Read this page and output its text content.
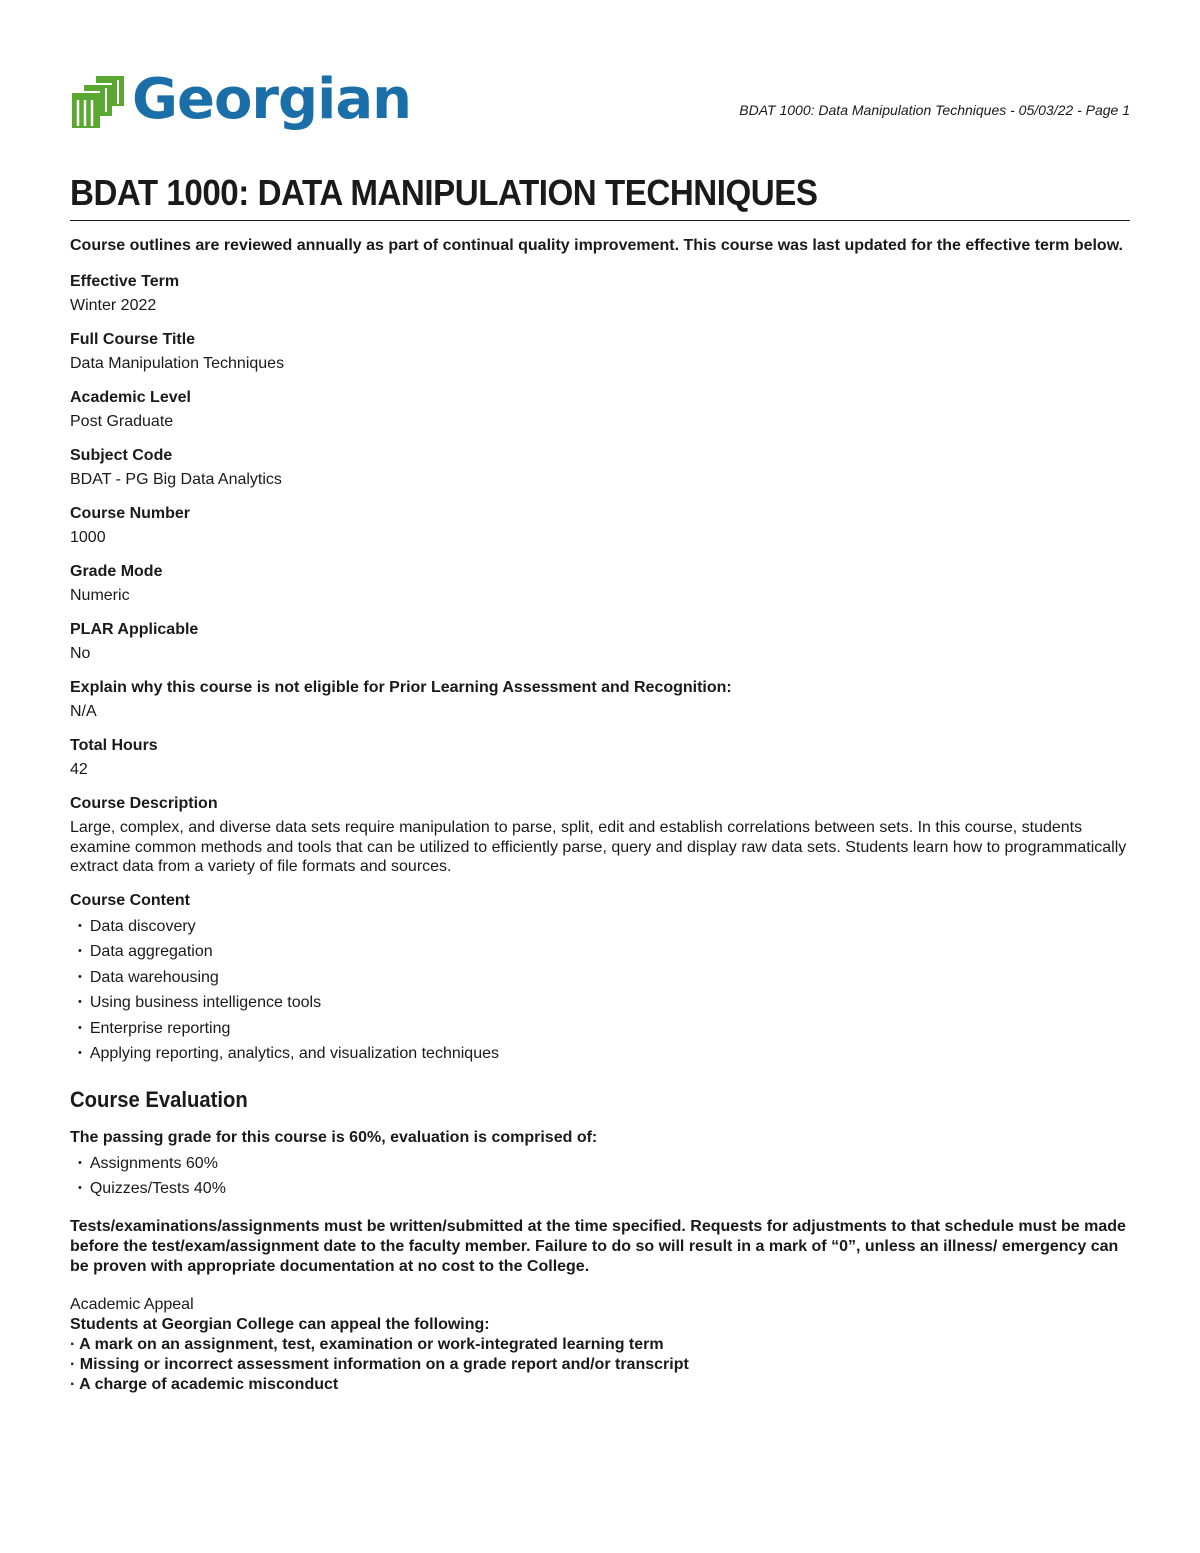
Georgian	BDAT 1000: Data Manipulation Techniques - 05/03/22 - Page 1
BDAT 1000: DATA MANIPULATION TECHNIQUES

Course outlines are reviewed annually as part of continual quality improvement. This course was last updated for the effective term below.

Effective Term
Winter 2022
Full Course Title
Data Manipulation Techniques
Academic Level
Post Graduate
Subject Code
BDAT - PG Big Data Analytics
Course Number
1000
Grade Mode
Numeric
PLAR Applicable
No
Explain why this course is not eligible for Prior Learning Assessment and Recognition:
N/A
Total Hours
42
Course Description
Large, complex, and diverse data sets require manipulation to parse, split, edit and establish correlations between sets. In this course, students examine common methods and tools that can be utilized to efficiently parse, query and display raw data sets. Students learn how to programmatically extract data from a variety of file formats and sources.
Course Content
• Data discovery
• Data aggregation
• Data warehousing
• Using business intelligence tools
• Enterprise reporting
• Applying reporting, analytics, and visualization techniques
Course Evaluation

The passing grade for this course is 60%, evaluation is comprised of:

• Assignments 60%
• Quizzes/Tests 40%

Tests/examinations/assignments must be written/submitted at the time specified. Requests for adjustments to that schedule must be made before the test/exam/assignment date to the faculty member. Failure to do so will result in a mark of “0”, unless an illness/ emergency can be proven with appropriate documentation at no cost to the College.

Academic Appeal
Students at Georgian College can appeal the following:
· A mark on an assignment, test, examination or work-integrated learning term
· Missing or incorrect assessment information on a grade report and/or transcript
· A charge of academic misconduct
